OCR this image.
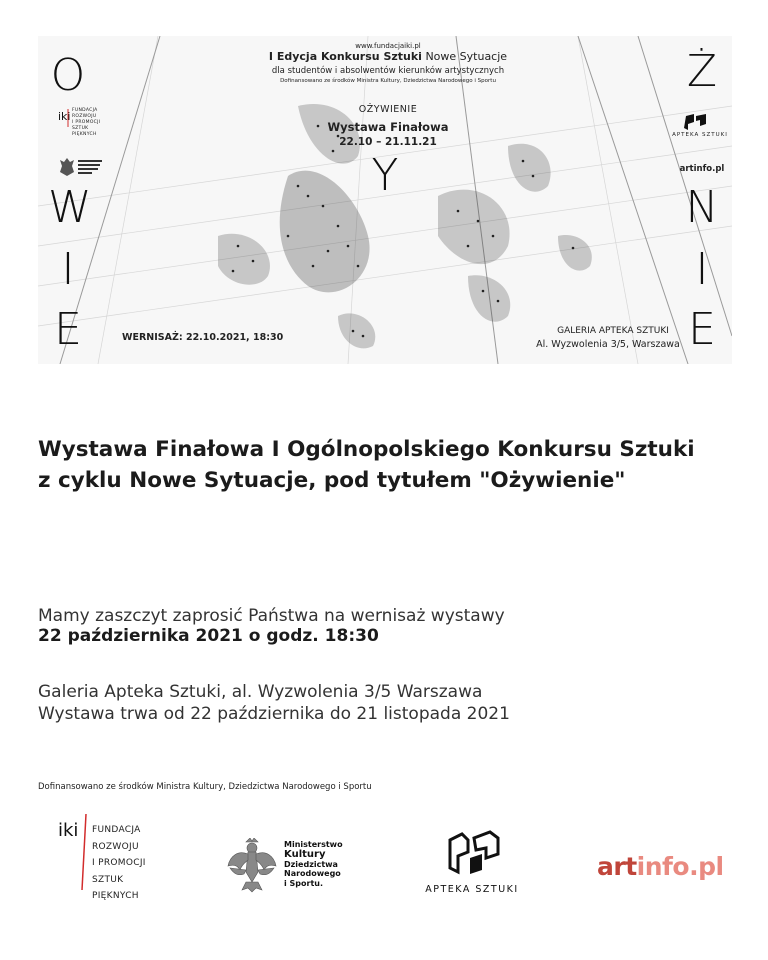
O
W
I
E
Y
Ż
N
I
E
www.fundacjaiki.pl
I Edycja Konkursu Sztuki Nowe Sytuacje
dla studentów i absolwentów kierunków artystycznych
Dofinansowano ze środków Ministra Kultury, Dziedzictwa Narodowego i Sportu
OŻYWIENIE
Wystawa Finałowa
22.10 – 21.11.21
WERNISAŻ: 22.10.2021, 18:30
GALERIA APTEKA SZTUKI
Al. Wyzwolenia 3/5, Warszawa
APTEKA SZTUKI
artinfo.pl
iki FUNDACJA
ROZWOJU
I PROMOCJI
SZTUK
PIĘKNYCH
Wystawa Finałowa I Ogólnopolskiego Konkursu Sztuki
z cyklu Nowe Sytuacje, pod tytułem "Ożywienie"
Mamy zaszczyt zaprosić Państwa na wernisaż wystawy
22 października 2021 o godz. 18:30
Galeria Apteka Sztuki, al. Wyzwolenia 3/5 Warszawa
Wystawa trwa od 22 października do 21 listopada 2021
Dofinansowano ze środków Ministra Kultury, Dziedzictwa Narodowego i Sportu
iki FUNDACJA
ROZWOJU
I PROMOCJI
SZTUK
PIĘKNYCH
Ministerstwo
Kultury
Dziedzictwa
Narodowego
i Sportu.
APTEKA SZTUKI
artinfo.pl
